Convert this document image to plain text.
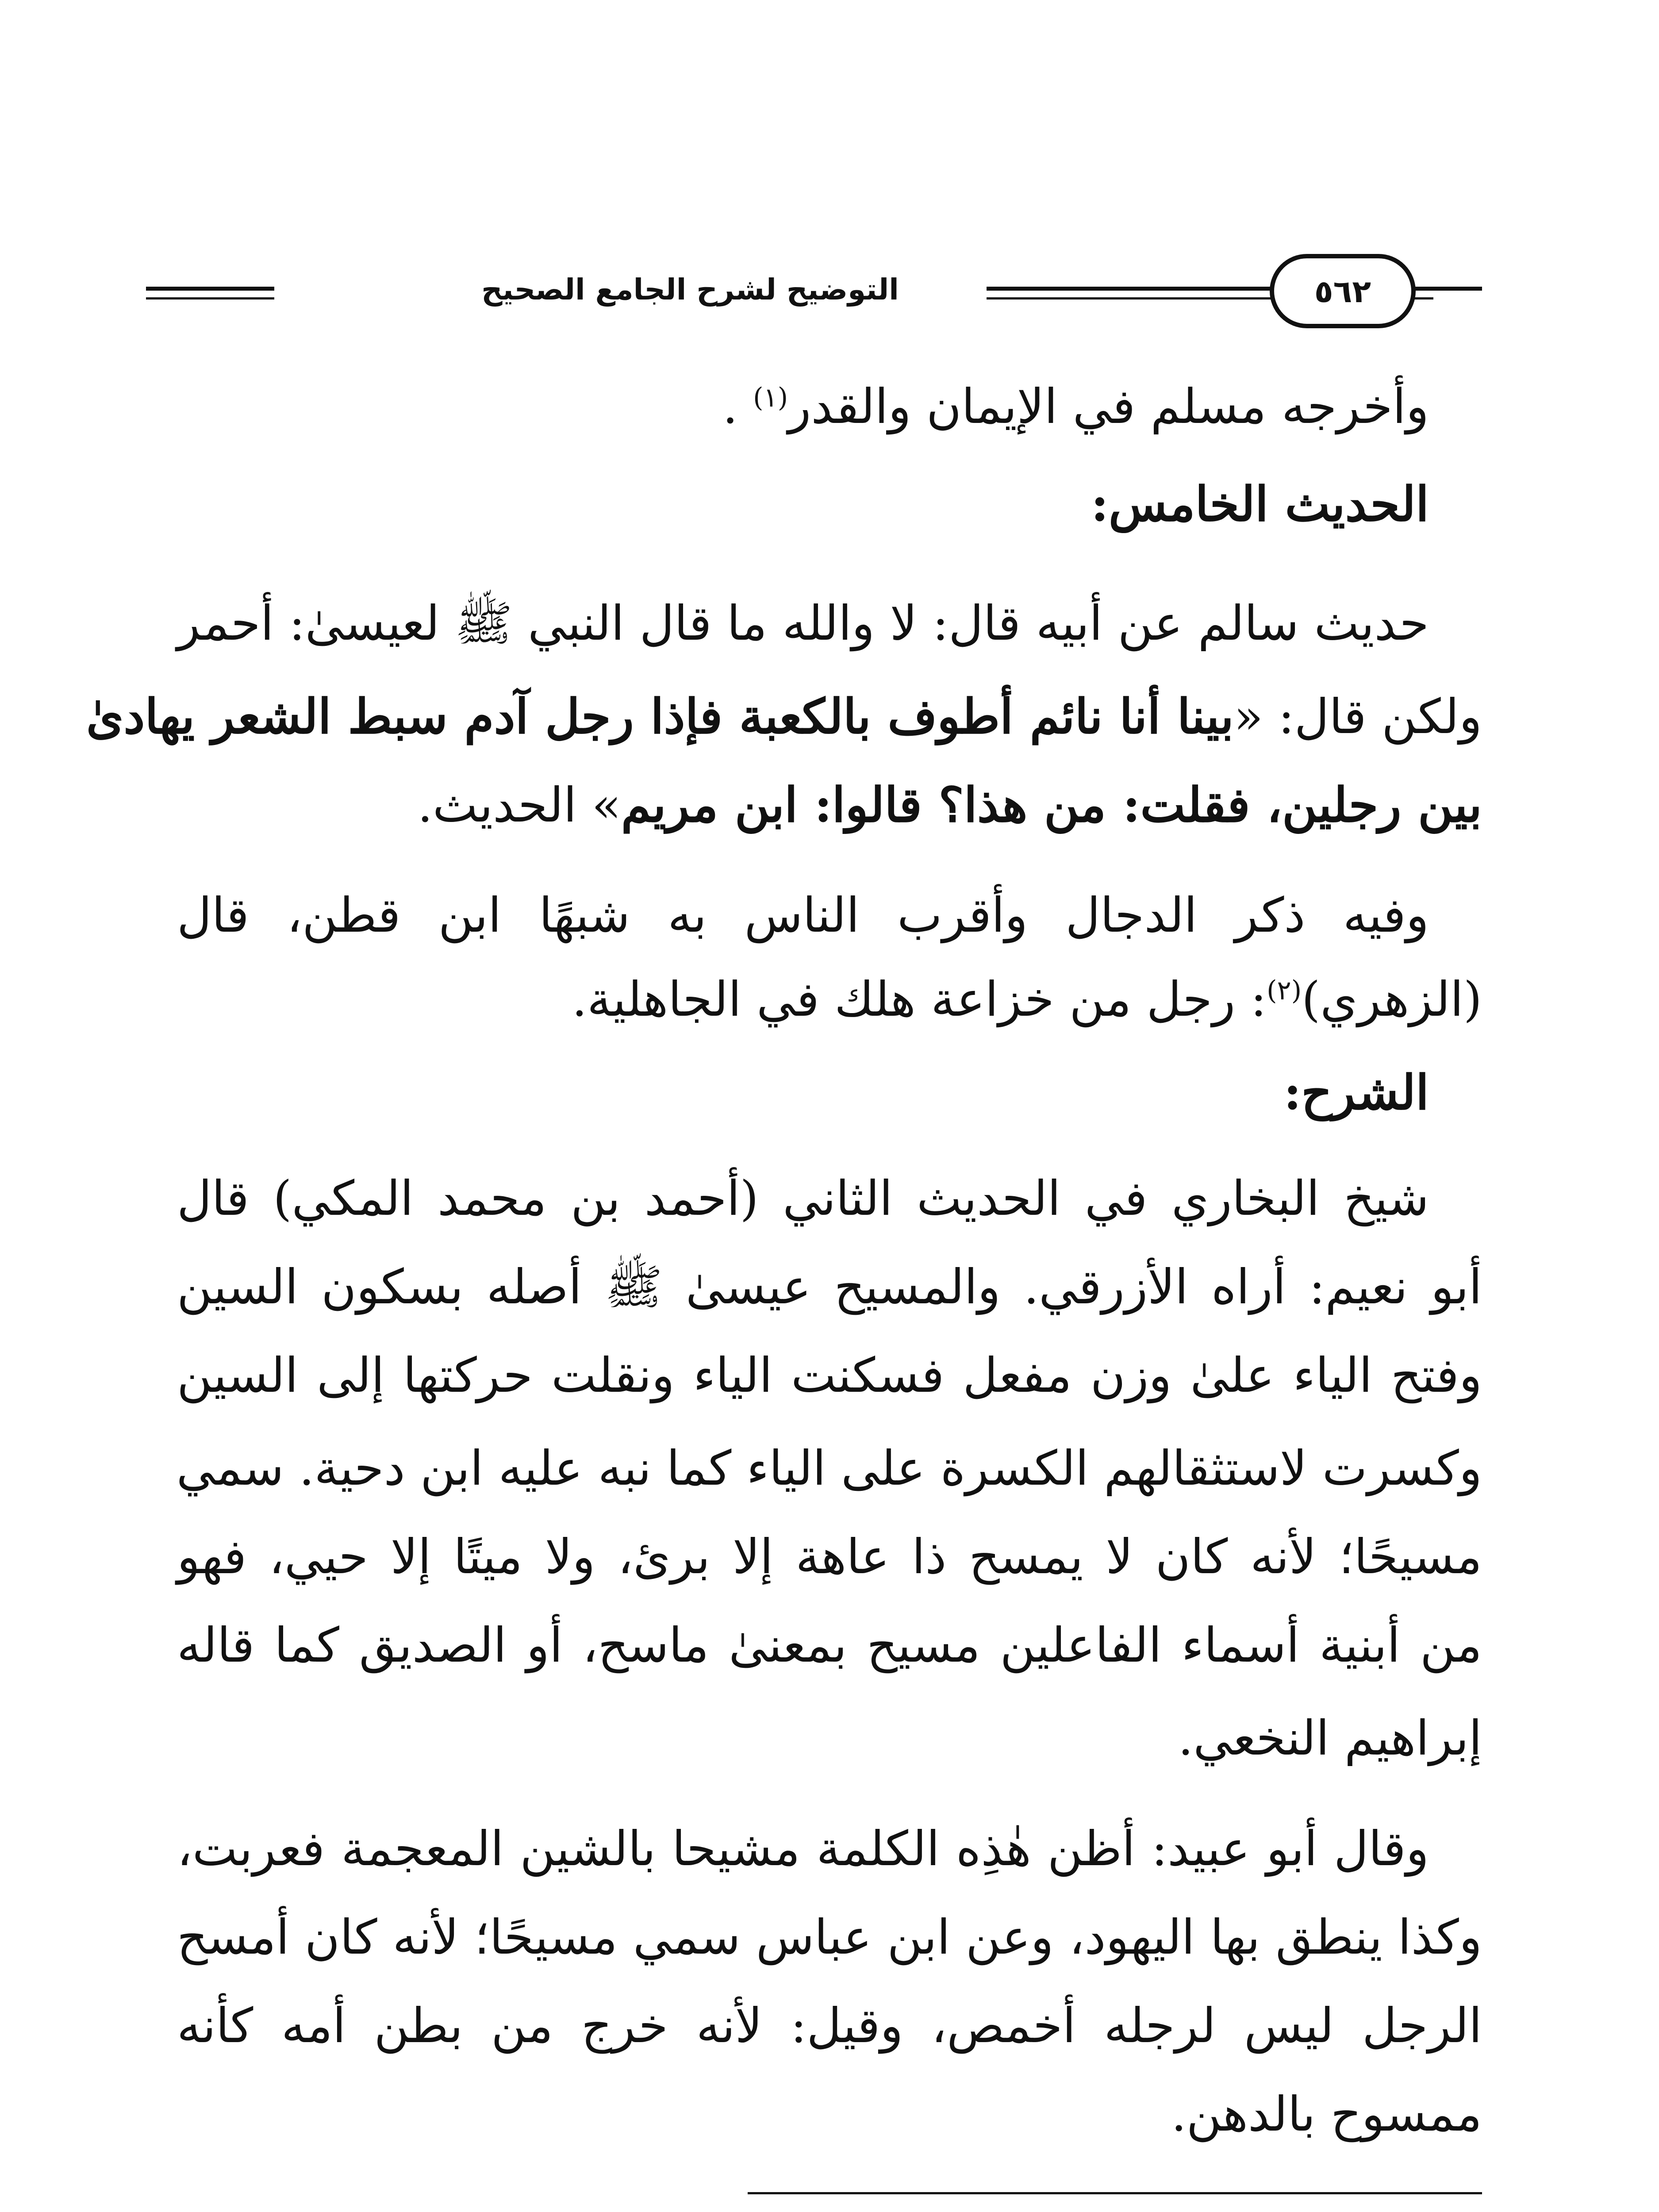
التوضيح لشرح الجامع الصحيح	٥٦٢
وأخرجه مسلم في الإيمان والقدر$^{(١)}$ .
الحديث الخامس:
حديث سالم عن أبيه قال: لا والله ما قال النبي ﷺ لعيسىٰ: أحمر
ولكن قال: «بينا أنا نائم أطوف بالكعبة فإذا رجل آدم سبط الشعر يهادىٰ
بين رجلين، فقلت: من هذا؟ قالوا: ابن مريم» الحديث.
وفيه ذكر الدجال وأقرب الناس به شبهًا ابن قطن، قال
(الزهري)$^{(٢)}$: رجل من خزاعة هلك في الجاهلية.
الشرح:
شيخ البخاري في الحديث الثاني (أحمد بن محمد المكي) قال
أبو نعيم: أراه الأزرقي. والمسيح عيسىٰ ﷺ أصله بسكون السين
وفتح الياء علىٰ وزن مفعل فسكنت الياء ونقلت حركتها إلى السين
وكسرت لاستثقالهم الكسرة على الياء كما نبه عليه ابن دحية. سمي
مسيحًا؛ لأنه كان لا يمسح ذا عاهة إلا برئ، ولا ميتًا إلا حيي، فهو
من أبنية أسماء الفاعلين مسيح بمعنىٰ ماسح، أو الصديق كما قاله
إبراهيم النخعي.
وقال أبو عبيد: أظن هٰذِه الكلمة مشيحا بالشين المعجمة فعربت،
وكذا ينطق بها اليهود، وعن ابن عباس سمي مسيحًا؛ لأنه كان أمسح
الرجل ليس لرجله أخمص، وقيل: لأنه خرج من بطن أمه كأنه
ممسوح بالدهن.
